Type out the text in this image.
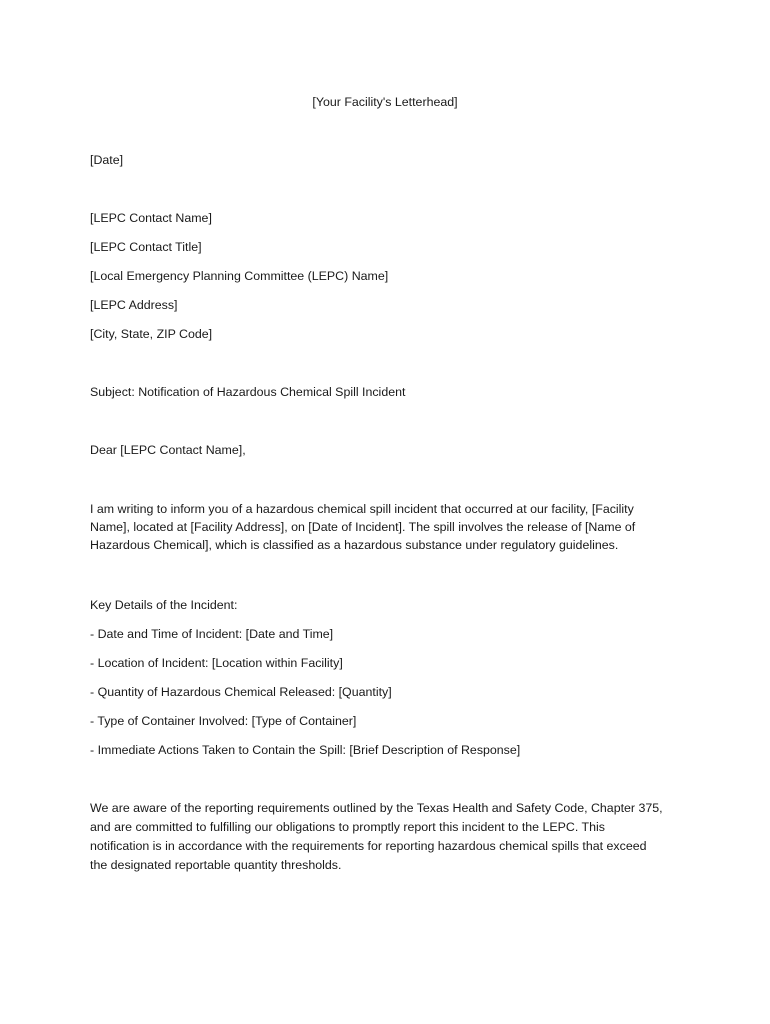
[Your Facility's Letterhead]
[Date]
[LEPC Contact Name]
[LEPC Contact Title]
[Local Emergency Planning Committee (LEPC) Name]
[LEPC Address]
[City, State, ZIP Code]
Subject: Notification of Hazardous Chemical Spill Incident
Dear [LEPC Contact Name],
I am writing to inform you of a hazardous chemical spill incident that occurred at our facility, [Facility
Name], located at [Facility Address], on [Date of Incident]. The spill involves the release of [Name of
Hazardous Chemical], which is classified as a hazardous substance under regulatory guidelines.
Key Details of the Incident:
- Date and Time of Incident: [Date and Time]
- Location of Incident: [Location within Facility]
- Quantity of Hazardous Chemical Released: [Quantity]
- Type of Container Involved: [Type of Container]
- Immediate Actions Taken to Contain the Spill: [Brief Description of Response]
We are aware of the reporting requirements outlined by the Texas Health and Safety Code, Chapter 375,
and are committed to fulfilling our obligations to promptly report this incident to the LEPC. This
notification is in accordance with the requirements for reporting hazardous chemical spills that exceed
the designated reportable quantity thresholds.
